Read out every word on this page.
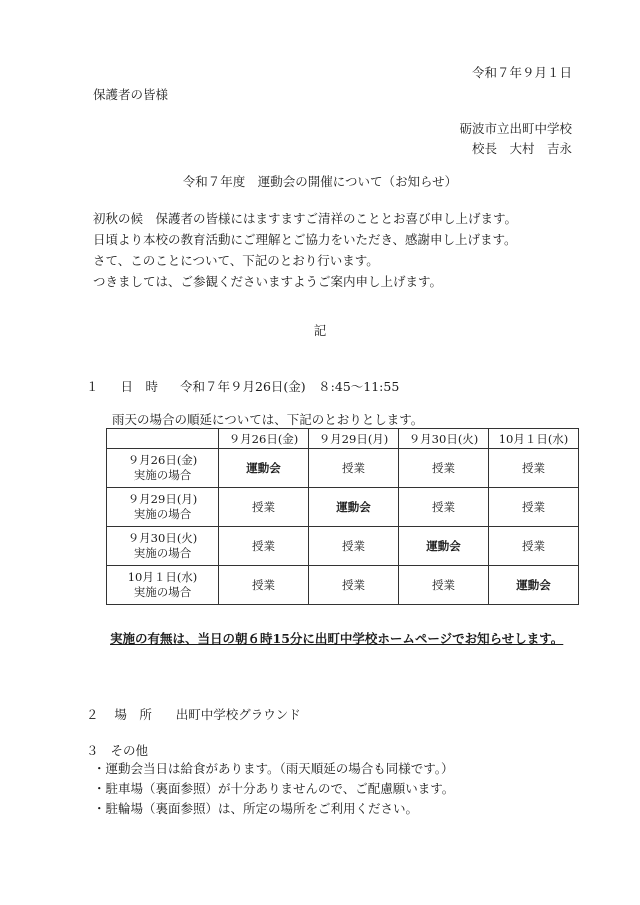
令和７年９月１日
保護者の皆様
砺波市立出町中学校
校長　大村　吉永
令和７年度　運動会の開催について（お知らせ）
初秋の候　保護者の皆様にはますますご清祥のこととお喜び申し上げます。
日頃より本校の教育活動にご理解とご協力をいただき、感謝申し上げます。
さて、このことについて、下記のとおり行います。
つきましては、ご参観くださいますようご案内申し上げます。
記
１ 日　時 令和７年９月26日(金)　８:45～11:55
雨天の場合の順延については、下記のとおりとします。
	９月26日(金)	９月29日(月)	９月30日(火)	10月１日(水)
９月26日(金)
実施の場合	運動会	授業	授業	授業
９月29日(月)
実施の場合	授業	運動会	授業	授業
９月30日(火)
実施の場合	授業	授業	運動会	授業
10月１日(水)
実施の場合	授業	授業	授業	運動会
実施の有無は、当日の朝６時15分に出町中学校ホームページでお知らせします。
２ 場　所 出町中学校グラウンド
３ その他
・運動会当日は給食があります。（雨天順延の場合も同様です。）
・駐車場（裏面参照）が十分ありませんので、ご配慮願います。
・駐輪場（裏面参照）は、所定の場所をご利用ください。
